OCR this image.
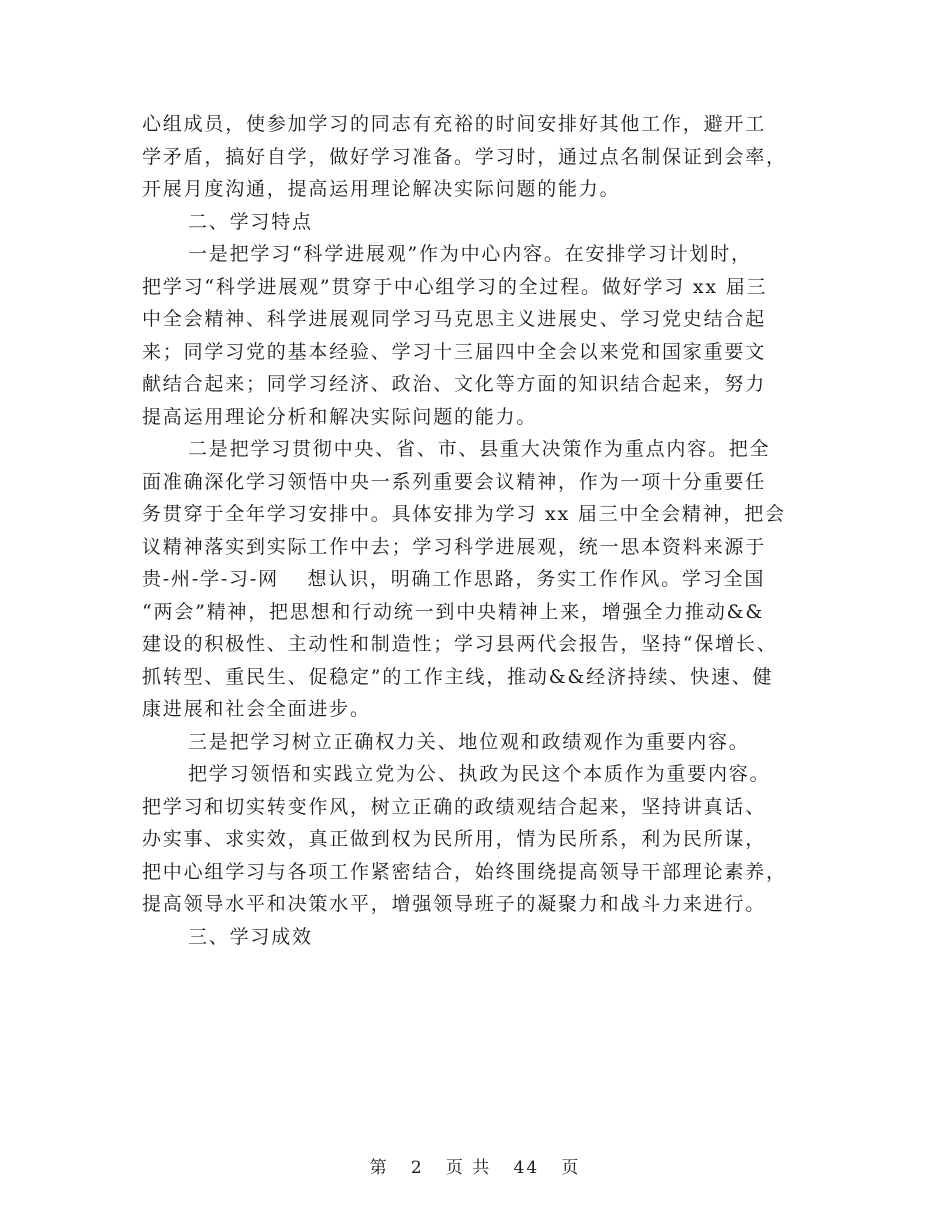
心组成员，使参加学习的同志有充裕的时间安排好其他工作，避开工
学矛盾，搞好自学，做好学习准备。学习时，通过点名制保证到会率，
开展月度沟通，提高运用理论解决实际问题的能力。
二、学习特点
一是把学习“科学进展观”作为中心内容。在安排学习计划时，
把学习“科学进展观”贯穿于中心组学习的全过程。做好学习 xx 届三
中全会精神、科学进展观同学习马克思主义进展史、学习党史结合起
来；同学习党的基本经验、学习十三届四中全会以来党和国家重要文
献结合起来；同学习经济、政治、文化等方面的知识结合起来，努力
提高运用理论分析和解决实际问题的能力。
二是把学习贯彻中央、省、市、县重大决策作为重点内容。把全
面准确深化学习领悟中央一系列重要会议精神，作为一项十分重要任
务贯穿于全年学习安排中。具体安排为学习 xx 届三中全会精神，把会
议精神落实到实际工作中去；学习科学进展观，统一思本资料来源于
贵-州-学-习-网　 想认识，明确工作思路，务实工作作风。学习全国
“两会”精神，把思想和行动统一到中央精神上来，增强全力推动&&
建设的积极性、主动性和制造性；学习县两代会报告，坚持“保增长、
抓转型、重民生、促稳定”的工作主线，推动&&经济持续、快速、健
康进展和社会全面进步。
三是把学习树立正确权力关、地位观和政绩观作为重要内容。
把学习领悟和实践立党为公、执政为民这个本质作为重要内容。
把学习和切实转变作风，树立正确的政绩观结合起来，坚持讲真话、
办实事、求实效，真正做到权为民所用，情为民所系，利为民所谋，
把中心组学习与各项工作紧密结合，始终围绕提高领导干部理论素养，
提高领导水平和决策水平，增强领导班子的凝聚力和战斗力来进行。
三、学习成效
第 2 页 共 44 页
